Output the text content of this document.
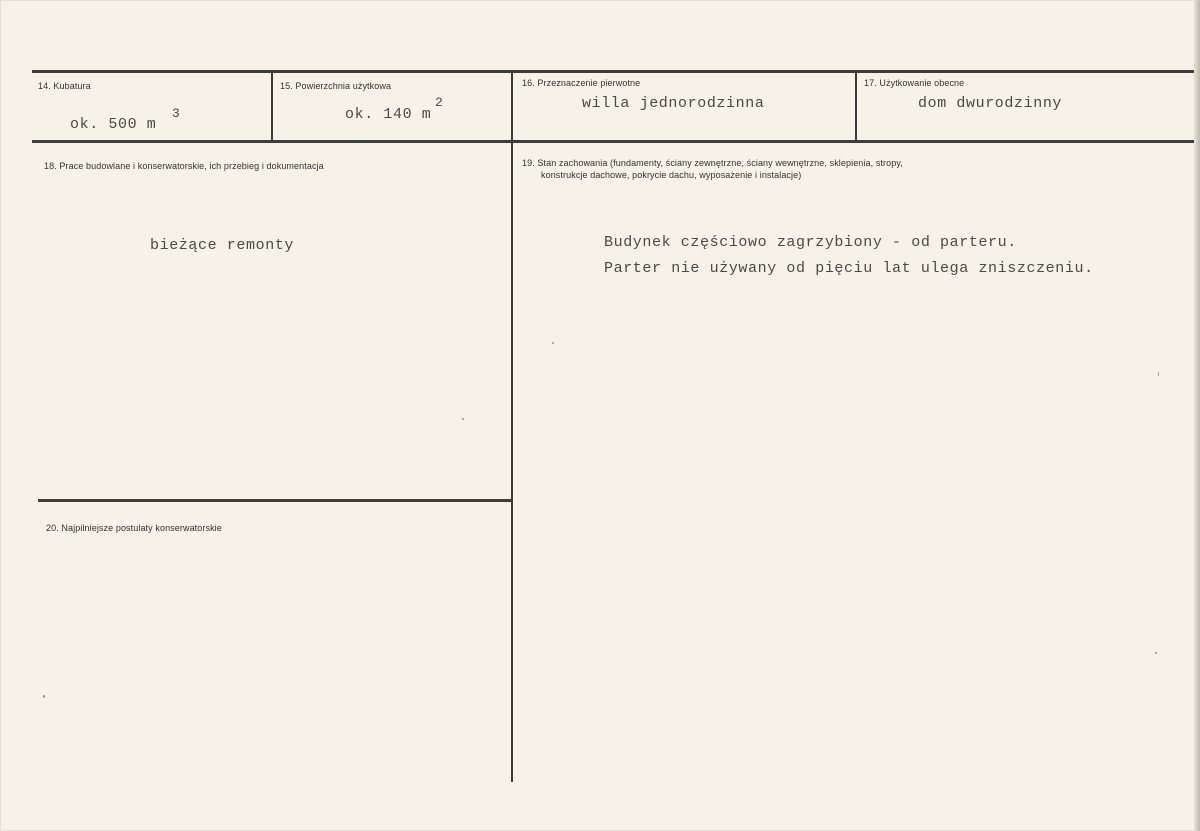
14. Kubatura
ok. 500 m
3
15. Powierzchnia użytkowa
ok. 140 m
2
16. Przeznaczenie pierwotne
willa jednorodzinna
17. Użytkowanie obecne
dom dwurodzinny
18. Prace budowlane i konserwatorskie, ich przebieg i dokumentacja
bieżące remonty
19. Stan zachowania (fundamenty, ściany zewnętrzne, ściany wewnętrzne, sklepienia, stropy,
konstrukcje dachowe, pokrycie dachu, wyposażenie i instalacje)
Budynek częściowo zagrzybiony - od parteru.
Parter nie używany od pięciu lat ulega zniszczeniu.
20. Najpilniejsze postulaty konserwatorskie
